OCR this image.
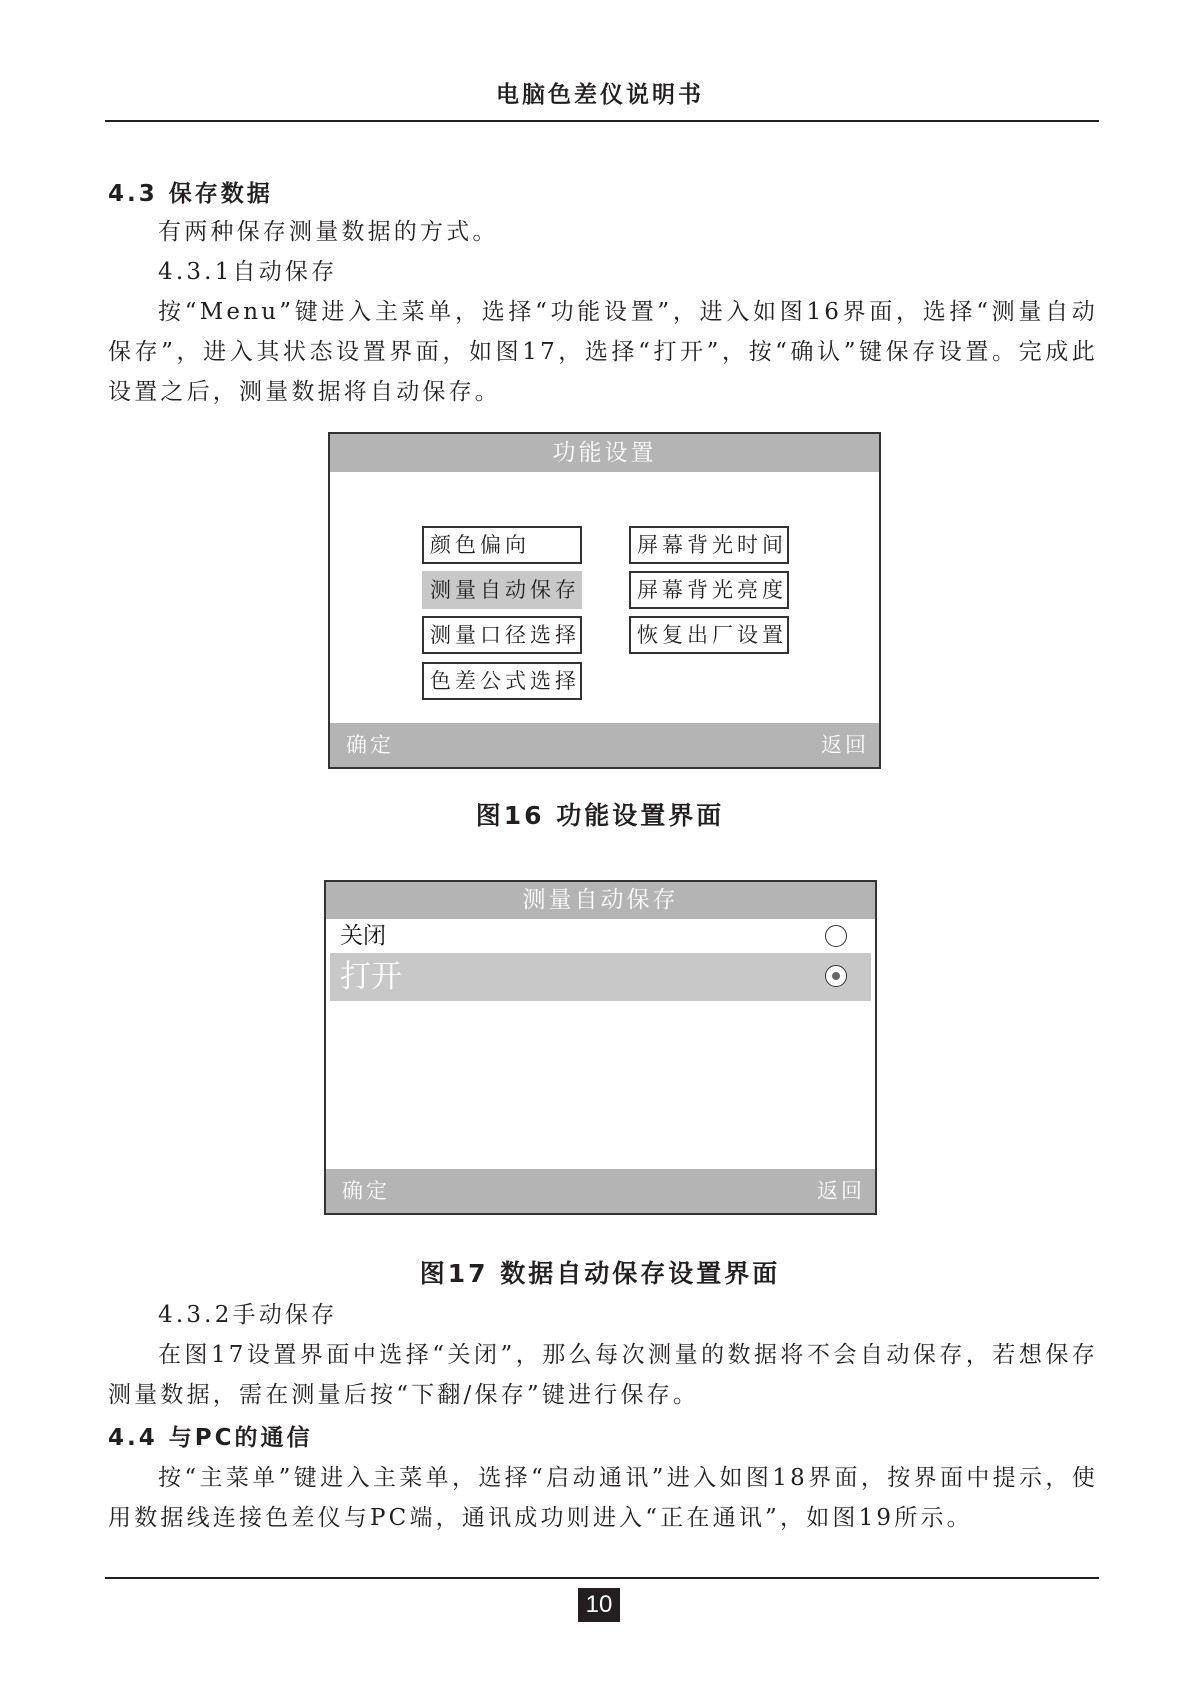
电脑色差仪说明书
4.3 保存数据
有两种保存测量数据的方式。
4.3.1自动保存

按“Menu”键进入主菜单，选择“功能设置”，进入如图16界面，选择“测量自动保存”，进入其状态设置界面，如图17，选择“打开”，按“确认”键保存设置。完成此设置之后，测量数据将自动保存。

功能设置
颜色偏向
测量自动保存
测量口径选择
色差公式选择
屏幕背光时间
屏幕背光亮度
恢复出厂设置
确定	返回
图16 功能设置界面
测量自动保存
关闭
打开
确定	返回
图17 数据自动保存设置界面
4.3.2手动保存

在图17设置界面中选择“关闭”，那么每次测量的数据将不会自动保存，若想保存测量数据，需在测量后按“下翻/保存”键进行保存。

4.4 与PC的通信

按“主菜单”键进入主菜单，选择“启动通讯”进入如图18界面，按界面中提示，使用数据线连接色差仪与PC端，通讯成功则进入“正在通讯”，如图19所示。

10
